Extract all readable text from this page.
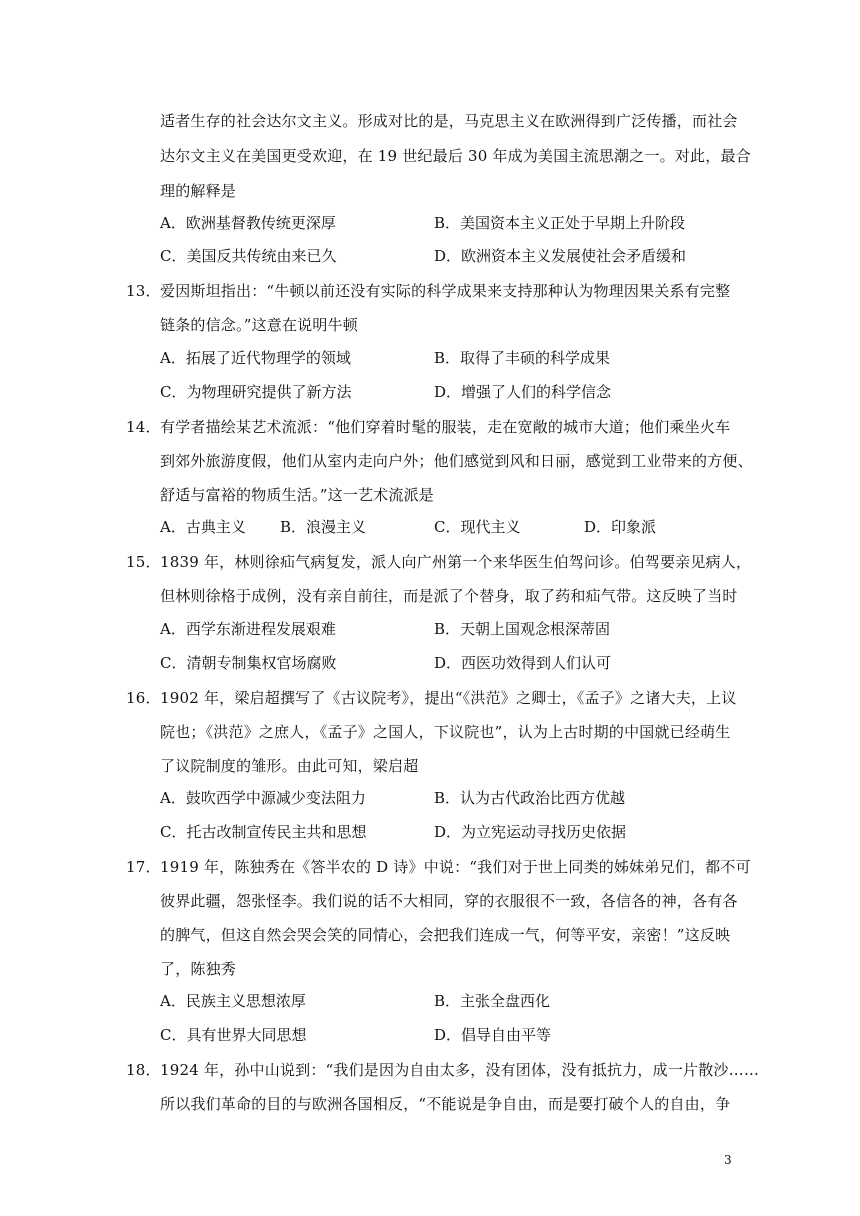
适者生存的社会达尔文主义。形成对比的是，马克思主义在欧洲得到广泛传播，而社会
达尔文主义在美国更受欢迎，在 19 世纪最后 30 年成为美国主流思潮之一。对此，最合
理的解释是
A．欧洲基督教传统更深厚	B．美国资本主义正处于早期上升阶段
C．美国反共传统由来已久	D．欧洲资本主义发展使社会矛盾缓和
13． 爱因斯坦指出：“牛顿以前还没有实际的科学成果来支持那种认为物理因果关系有完整
链条的信念。”这意在说明牛顿
A．拓展了近代物理学的领域	B．取得了丰硕的科学成果
C．为物理研究提供了新方法	D．增强了人们的科学信念
14． 有学者描绘某艺术流派：“他们穿着时髦的服装，走在宽敞的城市大道；他们乘坐火车
到郊外旅游度假，他们从室内走向户外；他们感觉到风和日丽，感觉到工业带来的方便、
舒适与富裕的物质生活。”这一艺术流派是
A．古典主义 B．浪漫主义	C．现代主义	D．印象派
15． 1839 年，林则徐疝气病复发，派人向广州第一个来华医生伯驾问诊。伯驾要亲见病人，
但林则徐格于成例，没有亲自前往，而是派了个替身，取了药和疝气带。这反映了当时
A．西学东渐进程发展艰难	B．天朝上国观念根深蒂固
C．清朝专制集权官场腐败	D．西医功效得到人们认可
16． 1902 年，梁启超撰写了《古议院考》，提出“《洪范》之卿士，《孟子》之诸大夫，上议
院也；《洪范》之庶人，《孟子》之国人，下议院也”，认为上古时期的中国就已经萌生
了议院制度的雏形。由此可知，梁启超
A．鼓吹西学中源减少变法阻力	B．认为古代政治比西方优越
C．托古改制宣传民主共和思想	D．为立宪运动寻找历史依据
17． 1919 年，陈独秀在《答半农的 D 诗》中说：“我们对于世上同类的姊妹弟兄们，都不可
彼界此疆，怨张怪李。我们说的话不大相同，穿的衣服很不一致，各信各的神，各有各
的脾气，但这自然会哭会笑的同情心，会把我们连成一气，何等平安，亲密！”这反映
了，陈独秀
A．民族主义思想浓厚	B．主张全盘西化
C．具有世界大同思想	D．倡导自由平等
18． 1924 年，孙中山说到：“我们是因为自由太多，没有团体，没有抵抗力，成一片散沙……
所以我们革命的目的与欧洲各国相反，“不能说是争自由，而是要打破个人的自由，争
3
